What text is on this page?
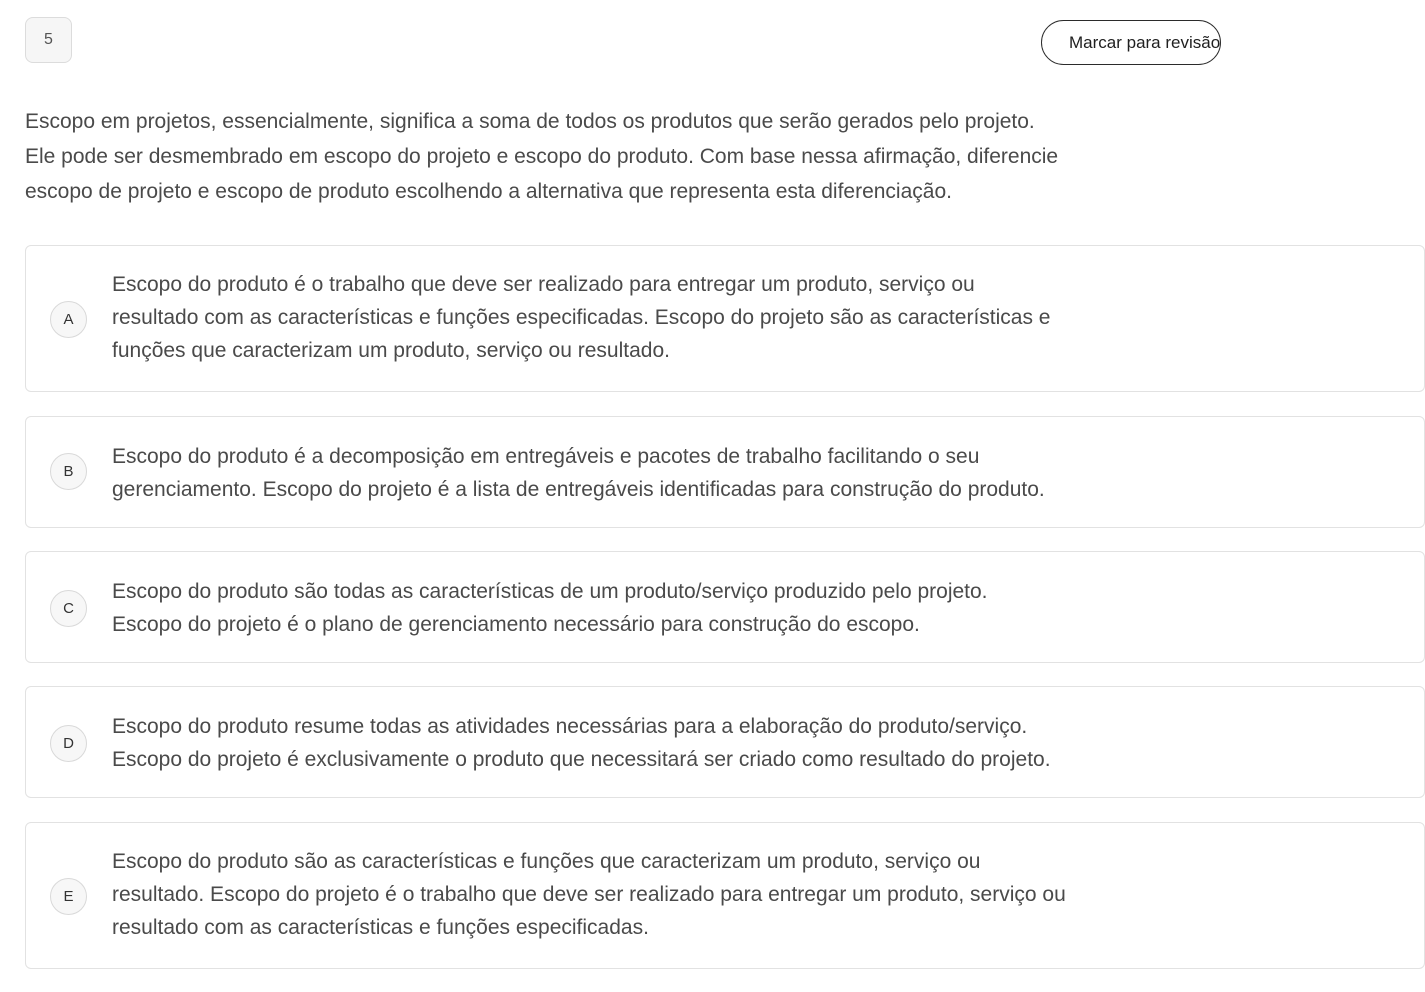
5	Marcar para revisão

Escopo em projetos, essencialmente, significa a soma de todos os produtos que serão gerados pelo projeto.
Ele pode ser desmembrado em escopo do projeto e escopo do produto. Com base nessa afirmação, diferencie
escopo de projeto e escopo de produto escolhendo a alternativa que representa esta diferenciação.

A
Escopo do produto é o trabalho que deve ser realizado para entregar um produto, serviço ou
resultado com as características e funções especificadas. Escopo do projeto são as características e
funções que caracterizam um produto, serviço ou resultado.
B
Escopo do produto é a decomposição em entregáveis e pacotes de trabalho facilitando o seu
gerenciamento. Escopo do projeto é a lista de entregáveis identificadas para construção do produto.
C
Escopo do produto são todas as características de um produto/serviço produzido pelo projeto.
Escopo do projeto é o plano de gerenciamento necessário para construção do escopo.
D
Escopo do produto resume todas as atividades necessárias para a elaboração do produto/serviço.
Escopo do projeto é exclusivamente o produto que necessitará ser criado como resultado do projeto.
E
Escopo do produto são as características e funções que caracterizam um produto, serviço ou
resultado. Escopo do projeto é o trabalho que deve ser realizado para entregar um produto, serviço ou
resultado com as características e funções especificadas.
